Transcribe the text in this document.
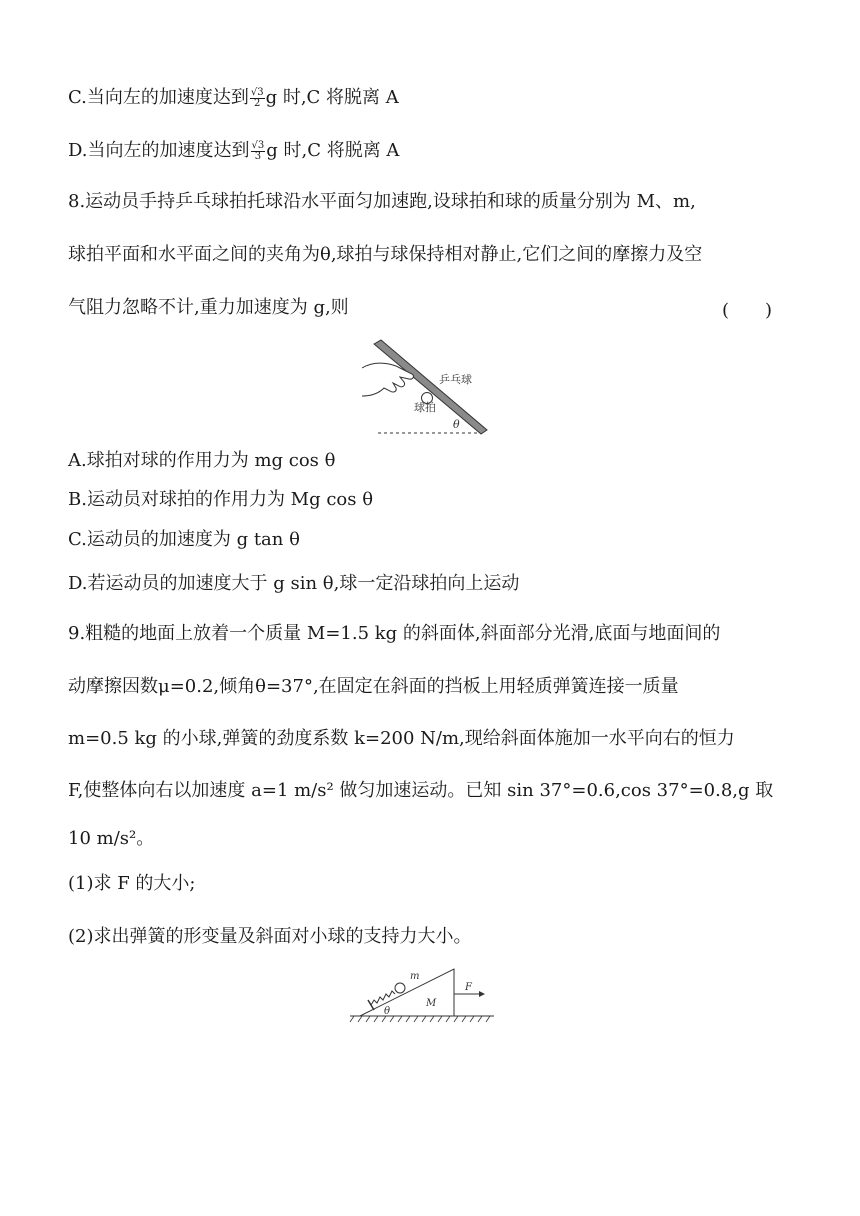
C.当向左的加速度达到 $\frac{√3}{2}$ g 时,C 将脱离 A
D.当向左的加速度达到 $\frac{√3}{3}$ g 时,C 将脱离 A
8.运动员手持乒乓球拍托球沿水平面匀加速跑,设球拍和球的质量分别为 M、m,
球拍平面和水平面之间的夹角为θ,球拍与球保持相对静止,它们之间的摩擦力及空
气阻力忽略不计,重力加速度为 g,则	(　　)
乒乓球
球拍
θ
A.球拍对球的作用力为 mg cos θ
B.运动员对球拍的作用力为 Mg cos θ
C.运动员的加速度为 g tan θ
D.若运动员的加速度大于 g sin θ,球一定沿球拍向上运动
9.粗糙的地面上放着一个质量 M=1.5 kg 的斜面体,斜面部分光滑,底面与地面间的
动摩擦因数μ=0.2,倾角θ=37°,在固定在斜面的挡板上用轻质弹簧连接一质量
m=0.5 kg 的小球,弹簧的劲度系数 k=200 N/m,现给斜面体施加一水平向右的恒力
F,使整体向右以加速度 a=1 m/s² 做匀加速运动。已知 sin 37°=0.6,cos 37°=0.8,g 取
10 m/s²。
(1)求 F 的大小;
(2)求出弹簧的形变量及斜面对小球的支持力大小。
m
M
θ
F
